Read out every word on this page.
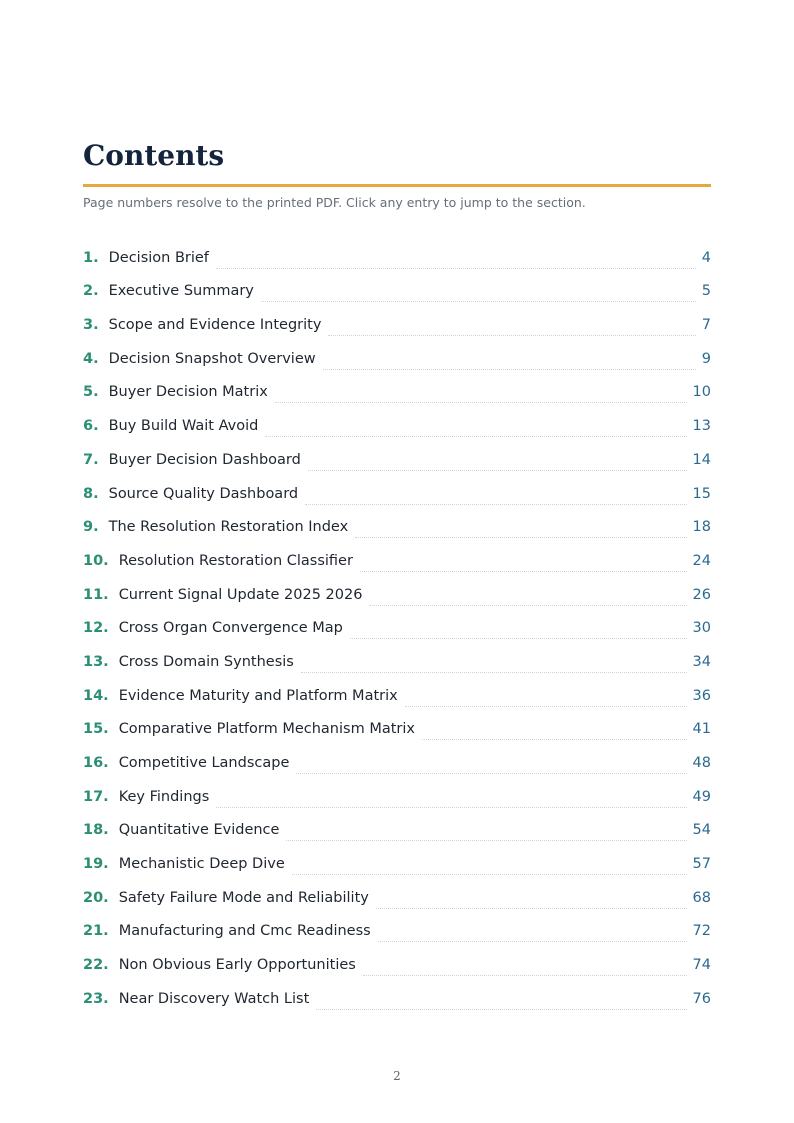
Contents

Page numbers resolve to the printed PDF. Click any entry to jump to the section.

1. Decision Brief	4
2. Executive Summary	5
3. Scope and Evidence Integrity	7
4. Decision Snapshot Overview	9
5. Buyer Decision Matrix	10
6. Buy Build Wait Avoid	13
7. Buyer Decision Dashboard	14
8. Source Quality Dashboard	15
9. The Resolution Restoration Index	18
10. Resolution Restoration Classifier	24
11. Current Signal Update 2025 2026	26
12. Cross Organ Convergence Map	30
13. Cross Domain Synthesis	34
14. Evidence Maturity and Platform Matrix	36
15. Comparative Platform Mechanism Matrix	41
16. Competitive Landscape	48
17. Key Findings	49
18. Quantitative Evidence	54
19. Mechanistic Deep Dive	57
20. Safety Failure Mode and Reliability	68
21. Manufacturing and Cmc Readiness	72
22. Non Obvious Early Opportunities	74
23. Near Discovery Watch List	76
2
